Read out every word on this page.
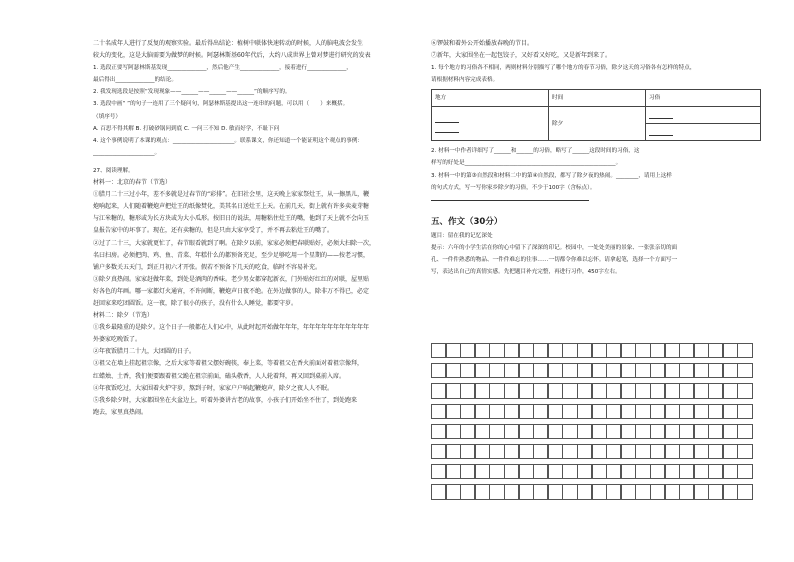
二十名成年人进行了反复的观察实验。最后得出结论：植树中联体快速转动的时候，人的脑电波会发生
较大的变化，这是大脑需要为做梦的时候。阿瑟林斯基60年代后，大约八成世界上曾对梦进行研究的发表
1. 选段正要写阿瑟林斯基发现______________，然后他产生______________，接着进行______________，
最后得出______________的结论。
2. 我发现选段是按照“发现现象——______——______——______”的顺序写的。
3. 选段中画“ ”的句子一连用了三个疑问句，阿瑟林斯基提出这一连串的问题，可以用（　　）来概括。
（填序号）
A. 百思不得其解 B. 打破砂锅问到底 C. 一问三不知 D. 敏而好学，不耻下问
4. 这个事例说明了本课的观点：______________________。联系课文，你还知道一个能证明这个观点的事例：
______________________。
27、阅读理解。
材料一：北京的春节（节选）
①腊月二十三过小年，差不多就是过春节的“彩排”。在旧社会里，这天晚上家家祭灶王，从一擦黑儿，鞭
炮响起来，人们随着鞭炮声把灶王的纸像焚化，美其名日送灶王上天。在前几天，街上就有许多卖麦芽糖
与江米糖的，糖形或为长方块或为大小瓜形。按旧日的说法，用糖粘住灶王的嘴，他到了天上就不会向玉
皇报告家中的坏事了。现在，还有卖糖的，但是只由大家享受了，并不再去粘灶王的嘴了。
②过了二十三，大家就更忙了，春节眼看就到了啊。在除夕以前，家家必须把春联贴好，必须大扫除一次，
名曰扫房。必须把肉、鸡、鱼、青菜、年糕什么的都预备充足，至少足够吃用一个星期的——按老习惯，
铺户多数关五天门，到正月初六才开张。假若不预备下几天的吃食，临时不容易补充。
③除夕真热闹。家家赶做年菜，到处是酒肉的香味。老少男女都穿起新衣，门外贴好红红的对联，屋里贴
好各色的年画。哪一家都灯火通宵，不许间断，鞭炮声日夜不绝。在外边做事的人，除非万不得已，必定
赶回家来吃团圆饭。这一夜，除了很小的孩子，没有什么人睡觉，都要守岁。
材料二：除夕（节选）
①我乡最隆重的是除夕。这个日子一般都在人们心中，从此时起开始做年年年，年年年年年年年年年年年
外婆家吃晚饭了。
②年夜饭腊月二十九，大团圆的日子。
③祖父在墙上挂起祖宗像，之后大家等着祖父摆好碗筷，奉上菜，等着祖父在香火前面对着祖宗像拜，
红蜡烛、土香，我们便要跟着祖父跪在祖宗前面，磕头敬香，人人轮着拜，再又回到桌前入席。
④年夜饭吃过，大家围着火炉守岁，熬到子时，家家户户响起鞭炮声，除夕之夜人人不眠。
⑤我乡除夕时，大家都围坐在火盆边上，听着外婆讲古老的故事，小孩子们开始坐不住了，到处跑来
跑去，家里真热闹。
⑥锣鼓和着外公开始播放春晚的节目。
⑦新年，大家围坐在一起包饺子，又好看又好吃，又是新年到来了。
1. 每个地方的习俗各不相同，两则材料分别描写了哪个地方的春节习俗，除夕这天的习俗各有怎样的特点，
请根据材料内容完成表格。
地方	时间	习俗

	除夕	

2. 材料一中作者详细写了______和______的习俗，略写了______这段时间的习俗，这
样写的好处是______________________________________________________。
3. 材料一中的第③自然段和材料二中的第④自然段，都写了除夕夜的热闹。________，请用上这样
的句式方式，写一写你家乡除夕的习俗，不少于100字（含标点）。
五、作文（30分）
题目：留在我的记忆深处
提示：六年的小学生活在你的心中留下了深深的印记。校园中，一处处美丽的景象、一张张亲切的面
孔、一件件熟悉的物品、一件件难忘的往事……一切都令你难以忘怀。请拿起笔，选择一个方面写一
写，表达出自己的真情实感。先把题目补充完整，再进行习作，450字左右。
